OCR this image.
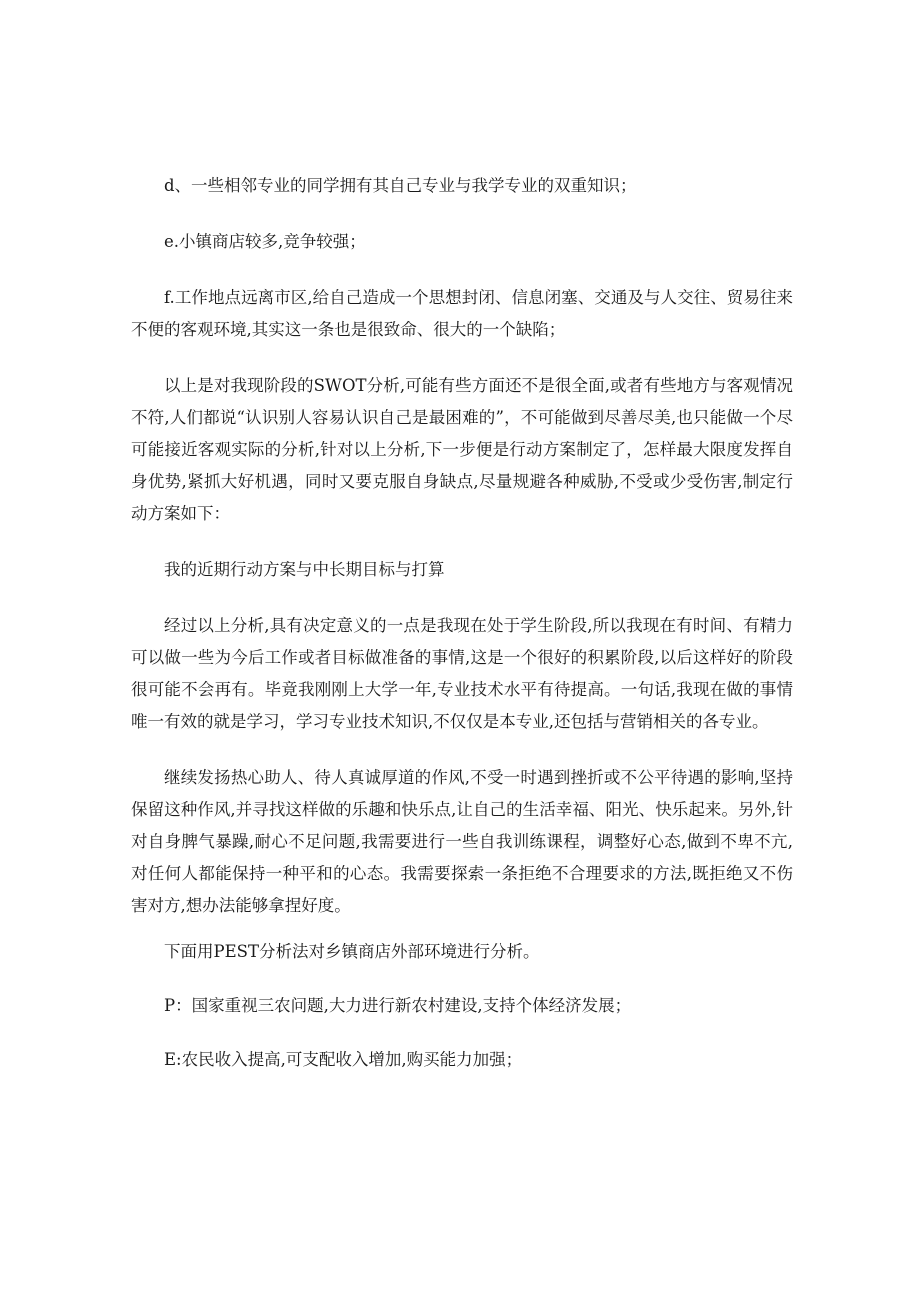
d、一些相邻专业的同学拥有其自己专业与我学专业的双重知识；

e.小镇商店较多,竞争较强；

f.工作地点远离市区,给自己造成一个思想封闭、信息闭塞、交通及与人交往、贸易往来不便的客观环境,其实这一条也是很致命、很大的一个缺陷；

以上是对我现阶段的SWOT分析,可能有些方面还不是很全面,或者有些地方与客观情况不符,人们都说“认识别人容易认识自己是最困难的”，不可能做到尽善尽美,也只能做一个尽可能接近客观实际的分析,针对以上分析,下一步便是行动方案制定了，怎样最大限度发挥自身优势,紧抓大好机遇，同时又要克服自身缺点,尽量规避各种威胁,不受或少受伤害,制定行动方案如下：

我的近期行动方案与中长期目标与打算

经过以上分析,具有决定意义的一点是我现在处于学生阶段,所以我现在有时间、有精力可以做一些为今后工作或者目标做准备的事情,这是一个很好的积累阶段,以后这样好的阶段很可能不会再有。毕竟我刚刚上大学一年,专业技术水平有待提高。一句话,我现在做的事情唯一有效的就是学习，学习专业技术知识,不仅仅是本专业,还包括与营销相关的各专业。

继续发扬热心助人、待人真诚厚道的作风,不受一时遇到挫折或不公平待遇的影响,坚持保留这种作风,并寻找这样做的乐趣和快乐点,让自己的生活幸福、阳光、快乐起来。另外,针对自身脾气暴躁,耐心不足问题,我需要进行一些自我训练课程，调整好心态,做到不卑不亢,对任何人都能保持一种平和的心态。我需要探索一条拒绝不合理要求的方法,既拒绝又不伤害对方,想办法能够拿捏好度。

下面用PEST分析法对乡镇商店外部环境进行分析。

P：国家重视三农问题,大力进行新农村建设,支持个体经济发展；

E:农民收入提高,可支配收入增加,购买能力加强；
